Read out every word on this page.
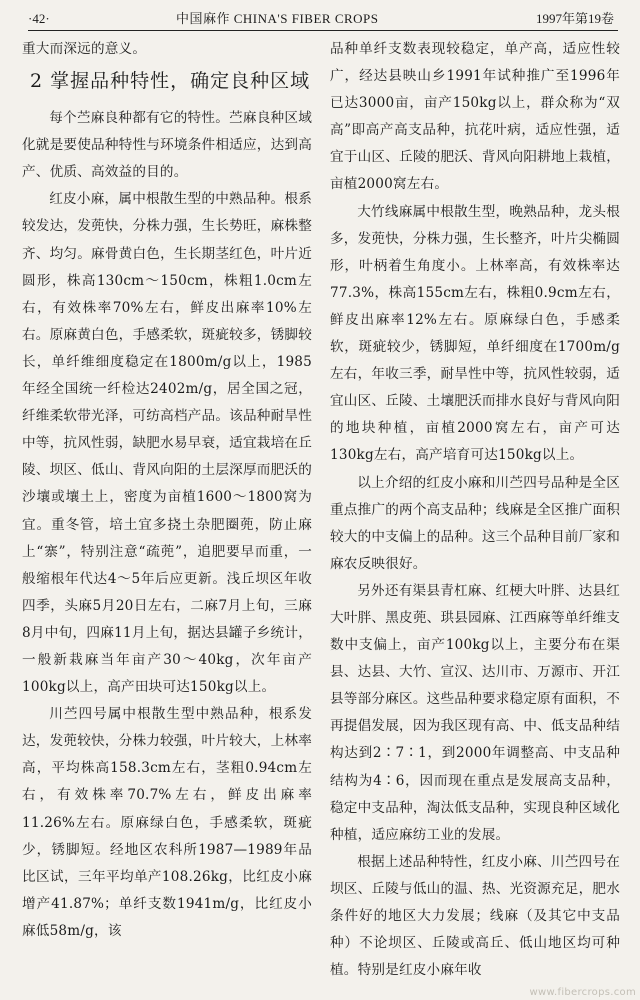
·42·	中国麻作 CHINA'S FIBER CROPS	1997年第19卷

重大而深远的意义。

2 掌握品种特性，确定良种区域

每个苎麻良种都有它的特性。苎麻良种区域化就是要使品种特性与环境条件相适应，达到高产、优质、高效益的目的。

红皮小麻，属中根散生型的中熟品种。根系较发达，发蔸快，分株力强，生长势旺，麻株整齐、均匀。麻骨黄白色，生长期茎红色，叶片近圆形，株高130cm～150cm，株粗1.0cm左右，有效株率70%左右，鲜皮出麻率10%左右。原麻黄白色，手感柔软，斑疵较多，锈脚较长，单纤维细度稳定在1800m/g以上，1985年经全国统一纤检达2402m/g，居全国之冠，纤维柔软带光泽，可纺高档产品。该品种耐旱性中等，抗风性弱，缺肥水易早衰，适宜栽培在丘陵、坝区、低山、背风向阳的土层深厚而肥沃的沙壤或壤土上，密度为亩植1600～1800窝为宜。重冬管，培土宜多挠土杂肥圈蔸，防止麻上“寨”，特别注意“疏蔸”，追肥要早而重，一般缩根年代达4～5年后应更新。浅丘坝区年收四季，头麻5月20日左右，二麻7月上旬，三麻8月中旬，四麻11月上旬，据达县罐子乡统计，一般新栽麻当年亩产30～40kg，次年亩产100kg以上，高产田块可达150kg以上。

川苎四号属中根散生型中熟品种，根系发达，发蔸较快，分株力较强，叶片较大，上林率高，平均株高158.3cm左右，茎粗0.94cm左右，有效株率70.7%左右，鲜皮出麻率11.26%左右。原麻绿白色，手感柔软，斑疵少，锈脚短。经地区农科所1987—1989年品比区试，三年平均单产108.26kg，比红皮小麻增产41.87%；单纤支数1941m/g，比红皮小麻低58m/g，该

品种单纤支数表现较稳定，单产高，适应性较广，经达县映山乡1991年试种推广至1996年已达3000亩，亩产150kg以上，群众称为“双高”即高产高支品种，抗花叶病，适应性强，适宜于山区、丘陵的肥沃、背风向阳耕地上栽植，亩植2000窝左右。

大竹线麻属中根散生型，晚熟品种，龙头根多，发蔸快，分株力强，生长整齐，叶片尖椭圆形，叶柄着生角度小。上林率高，有效株率达77.3%，株高155cm左右，株粗0.9cm左右，鲜皮出麻率12%左右。原麻绿白色，手感柔软，斑疵较少，锈脚短，单纤细度在1700m/g左右，年收三季，耐旱性中等，抗风性较弱，适宜山区、丘陵、土壤肥沃而排水良好与背风向阳的地块种植，亩植2000窝左右，亩产可达130kg左右，高产培育可达150kg以上。

以上介绍的红皮小麻和川苎四号品种是全区重点推广的两个高支品种；线麻是全区推广面积较大的中支偏上的品种。这三个品种目前厂家和麻农反映很好。

另外还有渠县青杠麻、红梗大叶胖、达县红大叶胖、黑皮蔸、珙县园麻、江西麻等单纤维支数中支偏上，亩产100kg以上，主要分布在渠县、达县、大竹、宣汉、达川市、万源市、开江县等部分麻区。这些品种要求稳定原有面积，不再提倡发展，因为我区现有高、中、低支品种结构达到2∶7∶1，到2000年调整高、中支品种结构为4∶6，因而现在重点是发展高支品种，稳定中支品种，淘汰低支品种，实现良种区域化种植，适应麻纺工业的发展。

根据上述品种特性，红皮小麻、川苎四号在坝区、丘陵与低山的温、热、光资源充足，肥水条件好的地区大力发展；线麻（及其它中支品种）不论坝区、丘陵或高丘、低山地区均可种植。特别是红皮小麻年收

www.fibercrops.com
